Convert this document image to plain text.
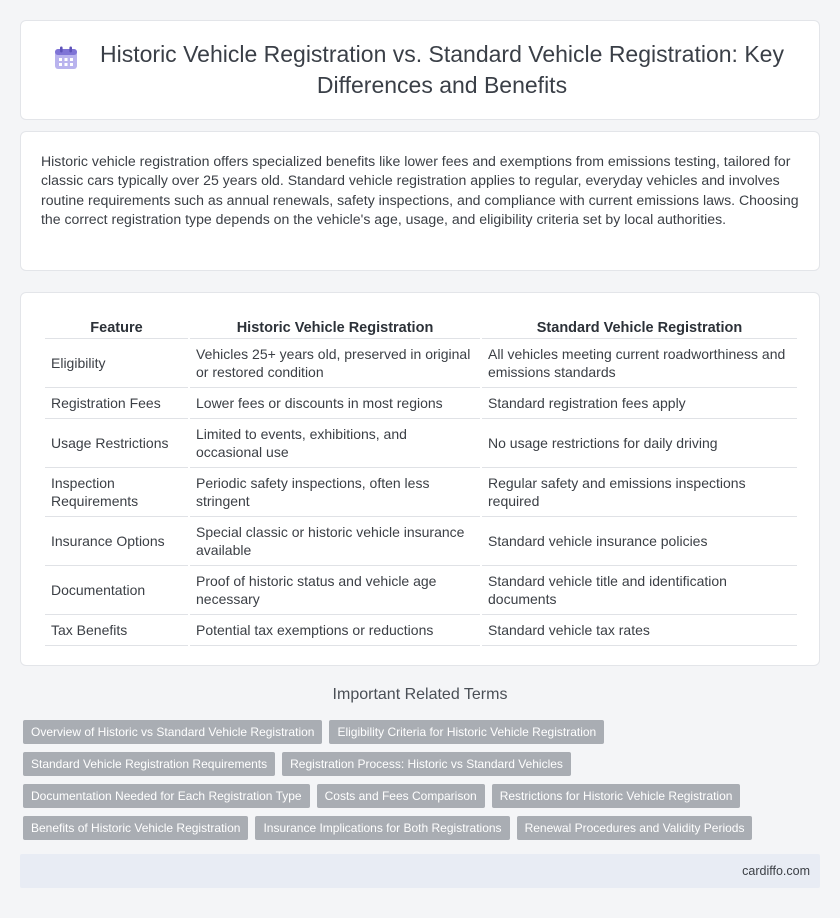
Historic Vehicle Registration vs. Standard Vehicle Registration: Key Differences and Benefits

Historic vehicle registration offers specialized benefits like lower fees and exemptions from emissions testing, tailored for classic cars typically over 25 years old. Standard vehicle registration applies to regular, everyday vehicles and involves routine requirements such as annual renewals, safety inspections, and compliance with current emissions laws. Choosing the correct registration type depends on the vehicle's age, usage, and eligibility criteria set by local authorities.

Feature	Historic Vehicle Registration	Standard Vehicle Registration
Eligibility	Vehicles 25+ years old, preserved in original or restored condition	All vehicles meeting current roadworthiness and emissions standards
Registration Fees	Lower fees or discounts in most regions	Standard registration fees apply
Usage Restrictions	Limited to events, exhibitions, and occasional use	No usage restrictions for daily driving
Inspection Requirements	Periodic safety inspections, often less stringent	Regular safety and emissions inspections required
Insurance Options	Special classic or historic vehicle insurance available	Standard vehicle insurance policies
Documentation	Proof of historic status and vehicle age necessary	Standard vehicle title and identification documents
Tax Benefits	Potential tax exemptions or reductions	Standard vehicle tax rates
Important Related Terms
Overview of Historic vs Standard Vehicle Registration	Eligibility Criteria for Historic Vehicle Registration
Standard Vehicle Registration Requirements	Registration Process: Historic vs Standard Vehicles
Documentation Needed for Each Registration Type	Costs and Fees Comparison	Restrictions for Historic Vehicle Registration
Benefits of Historic Vehicle Registration	Insurance Implications for Both Registrations	Renewal Procedures and Validity Periods
cardiffo.com
